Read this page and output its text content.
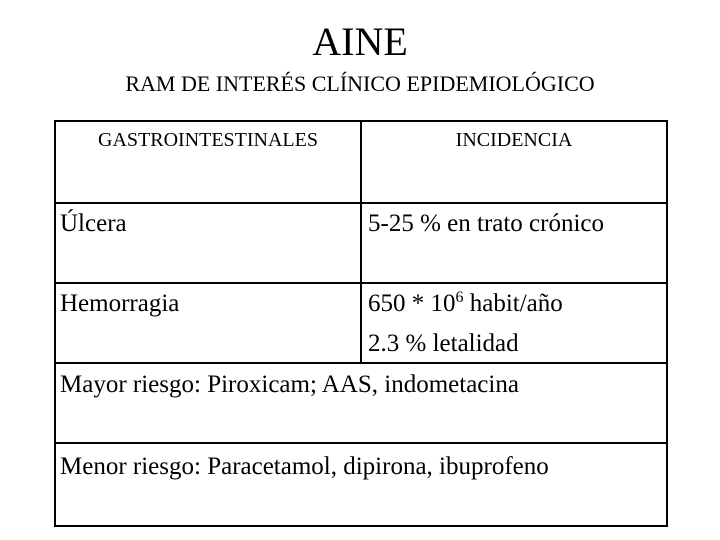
AINE
RAM DE INTERÉS CLÍNICO EPIDEMIOLÓGICO
GASTROINTESTINALES	INCIDENCIA
Úlcera	5-25 % en trato crónico
Hemorragia	$650 * 10^6$ habit/año
2.3 % letalidad
Mayor riesgo: Piroxicam; AAS, indometacina
Menor riesgo: Paracetamol, dipirona, ibuprofeno
